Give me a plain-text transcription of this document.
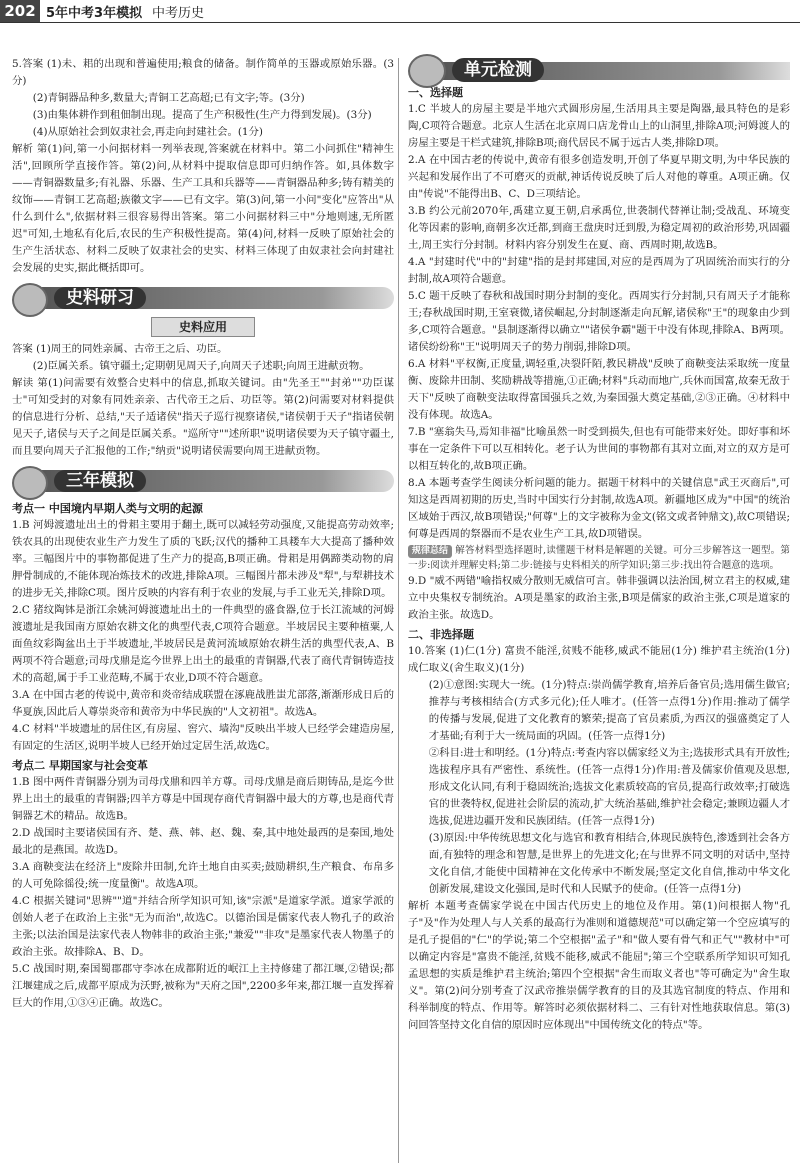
202 5年中考3年模拟 中考历史

5.答案 (1)未、耜的出现和普遍使用;粮食的储备。制作简单的玉器或原始乐器。(3分)

(2)青铜器品种多,数量大;青铜工艺高超;已有文字;等。(3分)

(3)由集体耕作到租佃制出现。提高了生产积极性(生产力得到发展)。(3分)

(4)从原始社会到奴隶社会,再走向封建社会。(1分)

解析 第(1)问,第一小问据材料一列举表现,答案就在材料中。第二小问抓住"精神生活",回顾所学直接作答。第(2)问,从材料中提取信息即可归纳作答。如,具体数字——青铜器数量多;有礼器、乐器、生产工具和兵器等——青铜器品种多;铸有精美的纹饰——青铜工艺高超;族徽文字——已有文字。第(3)问,第一小问"变化"应答出"从什么到什么",依据材料三很容易得出答案。第二小问据材料三中"分地则速,无所匿迟"可知,土地私有化后,农民的生产积极性提高。第(4)问,材料一反映了原始社会的生产生活状态、材料二反映了奴隶社会的史实、材料三体现了由奴隶社会向封建社会发展的史实,据此概括即可。

史料研习
史料应用

答案 (1)周王的同姓亲属、古帝王之后、功臣。

(2)臣属关系。镇守疆土;定期朝见周天子,向周天子述职;向周王进献贡物。

解读 第(1)问需要有效整合史料中的信息,抓取关键词。由"先圣王""封弟""功臣谋士"可知受封的对象有同姓亲亲、古代帝王之后、功臣等。第(2)问需要对材料提供的信息进行分析、总结,"天子适诸侯"指天子巡行视察诸侯,"诸侯朝于天子"指诸侯朝见天子,诸侯与天子之间是臣属关系。"巡所守""述所职"说明诸侯要为天子镇守疆土,而且要向周天子汇报他的工作;"纳贡"说明诸侯需要向周王进献贡物。

三年模拟

考点一 中国境内早期人类与文明的起源

1.B 河姆渡遗址出土的骨耜主要用于翻土,既可以减轻劳动强度,又能提高劳动效率;铁农具的出现使农业生产力发生了质的飞跃;汉代的播种工具耧车大大提高了播种效率。三幅图片中的事物都促进了生产力的提高,B项正确。骨耜是用偶蹄类动物的肩胛骨制成的,不能体现冶炼技术的改进,排除A项。三幅图片都未涉及"犁",与犁耕技术的进步无关,排除C项。图片反映的内容有利于农业的发展,与手工业无关,排除D项。

2.C 猪纹陶钵是浙江余姚河姆渡遗址出土的一件典型的盛食器,位于长江流域的河姆渡遗址是我国南方原始农耕文化的典型代表,C项符合题意。半坡居民主要种植粟,人面鱼纹彩陶盆出土于半坡遗址,半坡居民是黄河流域原始农耕生活的典型代表,A、B两项不符合题意;司母戊鼎是迄今世界上出土的最重的青铜器,代表了商代青铜铸造技术的高超,属于手工业范畴,不属于农业,D项不符合题意。

3.A 在中国古老的传说中,黄帝和炎帝结成联盟在涿鹿战胜蚩尤部落,渐渐形成日后的华夏族,因此后人尊崇炎帝和黄帝为中华民族的"人文初祖"。故选A。

4.C 材料"半坡遗址的居住区,有房屋、窖穴、墙沟"反映出半坡人已经学会建造房屋,有固定的生活区,说明半坡人已经开始过定居生活,故选C。

考点二 早期国家与社会变革

1.B 图中两件青铜器分别为司母戊鼎和四羊方尊。司母戊鼎是商后期铸品,是迄今世界上出土的最重的青铜器;四羊方尊是中国现存商代青铜器中最大的方尊,也是商代青铜器艺术的精品。故选B。

2.D 战国时主要诸侯国有齐、楚、燕、韩、赵、魏、秦,其中地处最西的是秦国,地处最北的是燕国。故选D。

3.A 商鞅变法在经济上"废除井田制,允许土地自由买卖;鼓励耕织,生产粮食、布帛多的人可免除徭役;统一度量衡"。故选A项。

4.C 根据关键词"思辨""道"并结合所学知识可知,该"宗派"是道家学派。道家学派的创始人老子在政治上主张"无为而治",故选C。以德治国是儒家代表人物孔子的政治主张;以法治国是法家代表人物韩非的政治主张;"兼爱""非攻"是墨家代表人物墨子的政治主张。故排除A、B、D。

5.C 战国时期,秦国蜀郡郡守李冰在成都附近的岷江上主持修建了都江堰,②错误;都江堰建成之后,成都平原成为沃野,被称为"天府之国",2200多年来,都江堰一直发挥着巨大的作用,①③④正确。故选C。

单元检测

一、选择题

1.C 半坡人的房屋主要是半地穴式圆形房屋,生活用具主要是陶器,最具特色的是彩陶,C项符合题意。北京人生活在北京周口店龙骨山上的山洞里,排除A项;河姆渡人的房屋主要是干栏式建筑,排除B项;商代居民不属于远古人类,排除D项。

2.A 在中国古老的传说中,黄帝有很多创造发明,开创了华夏早期文明,为中华民族的兴起和发展作出了不可磨灭的贡献,神话传说反映了后人对他的尊重。A项正确。仅由"传说"不能得出B、C、D三项结论。

3.B 约公元前2070年,禹建立夏王朝,启承禹位,世袭制代替禅让制;受战乱、环境变化等因素的影响,商朝多次迁都,到商王盘庚时迁到殷,为稳定周初的政治形势,巩固疆土,周王实行分封制。材料内容分别发生在夏、商、西周时期,故选B。

4.A "封建时代"中的"封建"指的是封邦建国,对应的是西周为了巩固统治而实行的分封制,故A项符合题意。

5.C 题干反映了春秋和战国时期分封制的变化。西周实行分封制,只有周天子才能称王;春秋战国时期,王室衰微,诸侯崛起,分封制逐渐走向瓦解,诸侯称"王"的现象由少到多,C项符合题意。"县制逐渐得以确立""诸侯争霸"题干中没有体现,排除A、B两项。诸侯纷纷称"王"说明周天子的势力削弱,排除D项。

6.A 材料"平权衡,正度量,调轻重,决裂阡陌,教民耕战"反映了商鞅变法采取统一度量衡、废除井田制、奖励耕战等措施,①正确;材料"兵动而地广,兵休而国富,故秦无敌于天下"反映了商鞅变法取得富国强兵之效,为秦国强大奠定基础,②③正确。④材料中没有体现。故选A。

7.B "塞翁失马,焉知非福"比喻虽然一时受到损失,但也有可能带来好处。即好事和坏事在一定条件下可以互相转化。老子认为世间的事物都有其对立面,对立的双方是可以相互转化的,故B项正确。

8.A 本题考查学生阅读分析问题的能力。据题干材料中的关键信息"武王灭商后",可知这是西周初期的历史,当时中国实行分封制,故选A项。新疆地区成为"中国"的统治区域始于西汉,故B项错误;"何尊"上的文字被称为金文(铭文或者钟鼎文),故C项错误;何尊是西周的祭器而不是农业生产工具,故D项错误。

规律总结 解答材料型选择题时,读懂题干材料是解题的关键。可分三步解答这一题型。第一步:阅读并理解史料;第二步:链接与史料相关的所学知识;第三步:找出符合题意的选项。

9.D "威不两错"喻指权威分散则无威信可言。韩非强调以法治国,树立君主的权威,建立中央集权专制统治。A项是墨家的政治主张,B项是儒家的政治主张,C项是道家的政治主张。故选D。

二、非选择题

10.答案 (1)仁(1分) 富贵不能淫,贫贱不能移,威武不能屈(1分) 维护君主统治(1分) 成仁取义(舍生取义)(1分)

(2)①意图:实现大一统。(1分)特点:崇尚儒学教育,培养后备官员;选用儒生做官;推荐与考核相结合(方式多元化);任人唯才。(任答一点得1分)作用:推动了儒学的传播与发展,促进了文化教育的繁荣;提高了官员素质,为西汉的强盛奠定了人才基础;有利于大一统局面的巩固。(任答一点得1分)

②科目:进士和明经。(1分)特点:考查内容以儒家经义为主;选拔形式具有开放性;选拔程序具有严密性、系统性。(任答一点得1分)作用:普及儒家价值观及思想,形成文化认同,有利于稳固统治;选拔文化素质较高的官员,提高行政效率;打破选官的世袭特权,促进社会阶层的流动,扩大统治基础,维护社会稳定;兼顾边疆人才选拔,促进边疆开发和民族团结。(任答一点得1分)

(3)原因:中华传统思想文化与选官和教育相结合,体现民族特色,渗透到社会各方面,有独特的理念和智慧,是世界上的先进文化;在与世界不同文明的对话中,坚持文化自信,才能使中国精神在文化传承中不断发展;坚定文化自信,推动中华文化创新发展,建设文化强国,是时代和人民赋予的使命。(任答一点得1分)

解析 本题考查儒家学说在中国古代历史上的地位及作用。第(1)问根据人物"孔子"及"作为处理人与人关系的最高行为准则和道德规范"可以确定第一个空应填写的是孔子提倡的"仁"的学说;第二个空根据"孟子"和"做人要有骨气和正气""教材中"可以确定内容是"富贵不能淫,贫贱不能移,威武不能屈";第三个空联系所学知识可知孔孟思想的实质是维护君主统治;第四个空根据"舍生而取义者也"等可确定为"舍生取义"。第(2)问分别考查了汉武帝推崇儒学教育的目的及其选官制度的特点、作用和科举制度的特点、作用等。解答时必须依据材料二、三有针对性地获取信息。第(3)问回答坚持文化自信的原因时应体现出"中国传统文化的特点"等。
